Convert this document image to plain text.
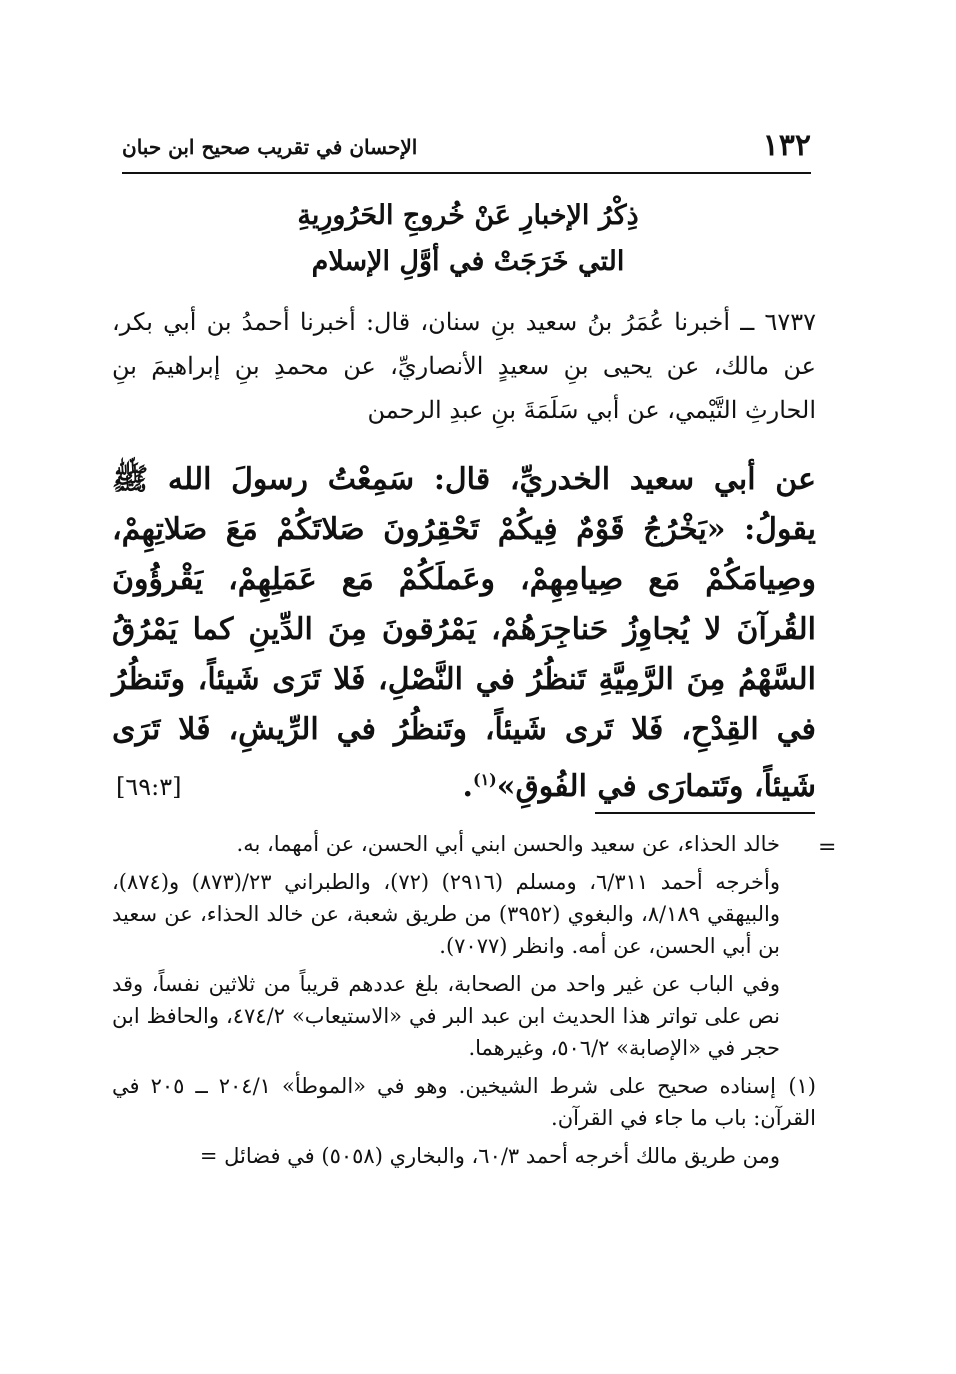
١٣٢
الإحسان في تقريب صحيح ابن حبان
ذِكْرُ الإخبارِ عَنْ خُروجِ الحَرُورِيةِ
التي خَرَجَتْ في أوَّلِ الإسلام
٦٧٣٧ ــ أخبرنا عُمَرُ بنُ سعيد بنِ سنان، قال: أخبرنا أحمدُ بن أبي بكر، عن مالك، عن يحيى بنِ سعيدٍ الأنصاريِّ، عن محمدِ بنِ إبراهيمَ بنِ الحارثِ التَّيْمي، عن أبي سَلَمَةَ بنِ عبدِ الرحمن
عن أبي سعيد الخدريِّ، قال: سَمِعْتُ رسولَ الله ﷺ يقولُ: «يَخْرُجُ قَوْمٌ فِيكُمْ تَحْقِرُونَ صَلاتَكُمْ مَعَ صَلاتِهِمْ، وصِيامَكُمْ مَع صِيامِهِمْ، وعَملَكُمْ مَع عَمَلِهِمْ، يَقْرؤُونَ القُرآنَ لا يُجاوِزُ حَناجِرَهُمْ، يَمْرُقونَ مِنَ الدِّينِ كما يَمْرُقُ السَّهْمُ مِنَ الرَّمِيَّةِ تَنظُرُ في النَّصْلِ، فَلا تَرَى شَيئاً، وتَنظُرُ في القِدْحِ، فَلا تَرى شَيئاً، وتَنظُرُ في الرِّيشِ، فَلا تَرَى شَيئاً، وتَتمارَى في الفُوقِ»$^{(١)}$.
[٦٩:٣]
=

خالد الحذاء، عن سعيد والحسن ابني أبي الحسن، عن أمهما، به.

وأخرجه أحمد ٦/٣١١، ومسلم (٢٩١٦) (٧٢)، والطبراني ٢٣/(٨٧٣) و(٨٧٤)، والبيهقي ٨/١٨٩، والبغوي (٣٩٥٢) من طريق شعبة، عن خالد الحذاء، عن سعيد بن أبي الحسن، عن أمه. وانظر (٧٠٧٧).

وفي الباب عن غير واحد من الصحابة، بلغ عددهم قريباً من ثلاثين نفساً، وقد نص على تواتر هذا الحديث ابن عبد البر في «الاستيعاب» ٤٧٤/٢، والحافظ ابن حجر في «الإصابة» ٥٠٦/٢، وغيرهما.

(١)إسناده صحيح على شرط الشيخين. وهو في «الموطأ» ٢٠٤/١ ــ ٢٠٥ في القرآن: باب ما جاء في القرآن.

ومن طريق مالك أخرجه أحمد ٦٠/٣، والبخاري (٥٠٥٨) في فضائل =
